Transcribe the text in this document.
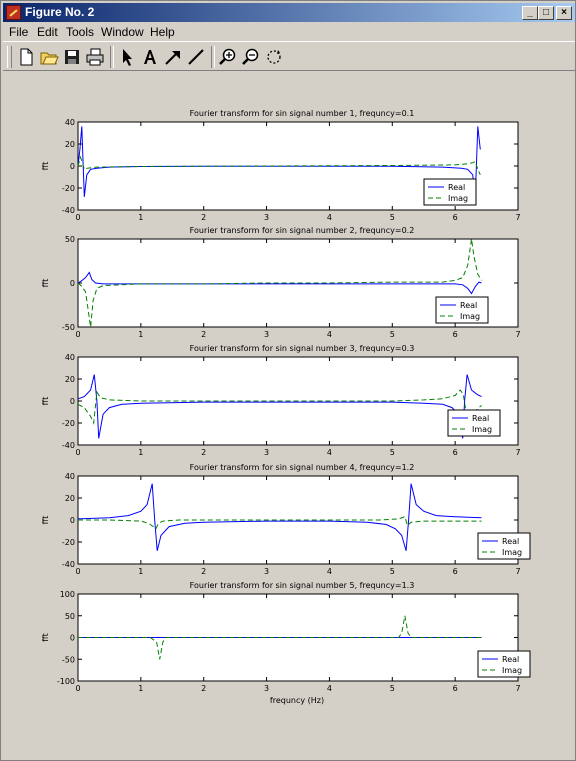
Figure No. 2	_	□	×
File Edit Tools Window Help
0	1	2	3	4	5	6	7
-40
-20
0
20
40
Fourier transform for sin signal number 1, frequncy=0.1
fft
Real
Imag
0	1	2	3	4	5	6	7
-50
0
50
Fourier transform for sin signal number 2, frequncy=0.2
fft
Real
Imag
0	1	2	3	4	5	6	7
-40
-20
0
20
40
Fourier transform for sin signal number 3, frequncy=0.3
fft
Real
Imag
0	1	2	3	4	5	6	7
-40
-20
0
20
40
Fourier transform for sin signal number 4, frequncy=1.2
fft
Real
Imag
0	1	2	3	4	5	6	7
-100
-50
0
50
100
Fourier transform for sin signal number 5, frequncy=1.3
fft
frequncy (Hz)
Real
Imag
